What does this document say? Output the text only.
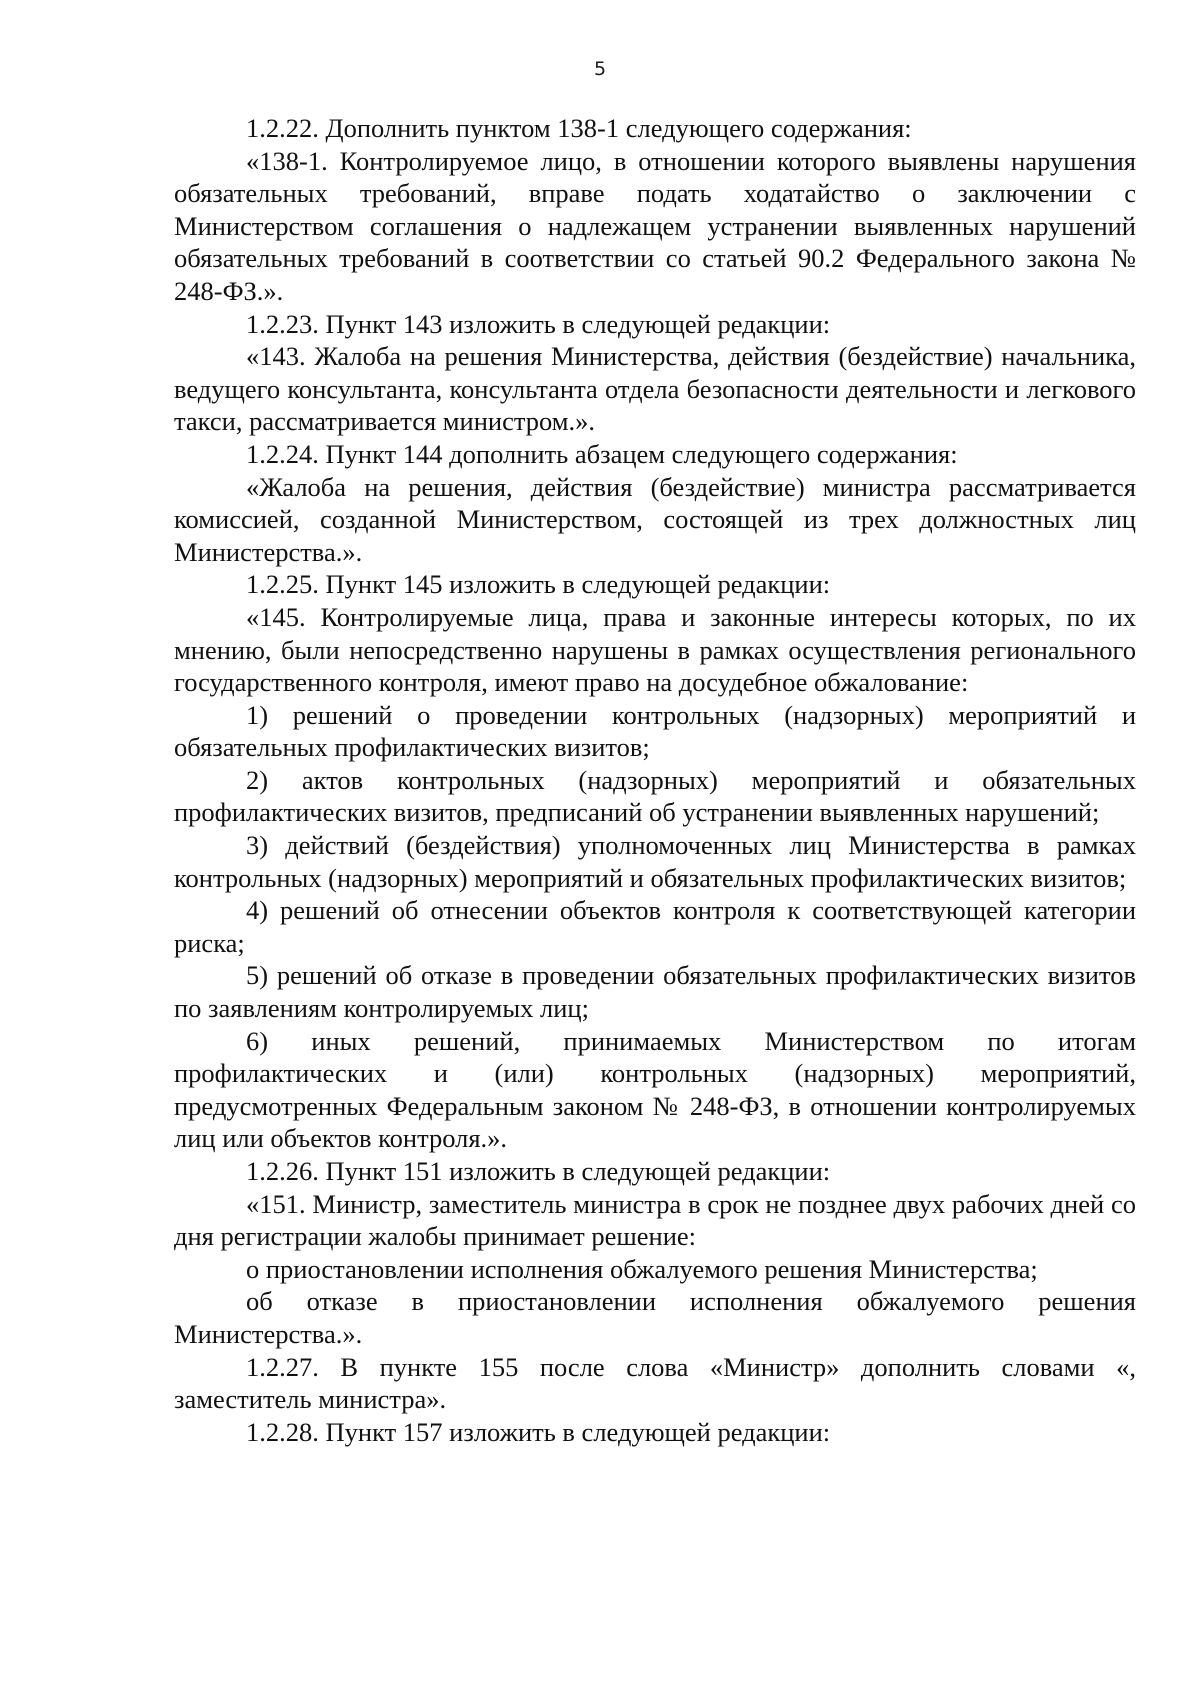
5

1.2.22. Дополнить пунктом 138-1 следующего содержания:

«138-1. Контролируемое лицо, в отношении которого выявлены нарушения обязательных требований, вправе подать ходатайство о заключении с Министерством соглашения о надлежащем устранении выявленных нарушений обязательных требований в соответствии со статьей 90.2 Федерального закона № 248-ФЗ.».

1.2.23. Пункт 143 изложить в следующей редакции:

«143. Жалоба на решения Министерства, действия (бездействие) начальника, ведущего консультанта, консультанта отдела безопасности деятельности и легкового такси, рассматривается министром.».

1.2.24. Пункт 144 дополнить абзацем следующего содержания:

«Жалоба на решения, действия (бездействие) министра рассматривается комиссией, созданной Министерством, состоящей из трех должностных лиц Министерства.».

1.2.25. Пункт 145 изложить в следующей редакции:

«145. Контролируемые лица, права и законные интересы которых, по их мнению, были непосредственно нарушены в рамках осуществления регионального государственного контроля, имеют право на досудебное обжалование:

1) решений о проведении контрольных (надзорных) мероприятий и обязательных профилактических визитов;

2) актов контрольных (надзорных) мероприятий и обязательных профилактических визитов, предписаний об устранении выявленных нарушений;

3) действий (бездействия) уполномоченных лиц Министерства в рамках контрольных (надзорных) мероприятий и обязательных профилактических визитов;

4) решений об отнесении объектов контроля к соответствующей категории риска;

5) решений об отказе в проведении обязательных профилактических визитов по заявлениям контролируемых лиц;

6) иных решений, принимаемых Министерством по итогам профилактических и (или) контрольных (надзорных) мероприятий, предусмотренных Федеральным законом № 248-ФЗ, в отношении контролируемых лиц или объектов контроля.».

1.2.26. Пункт 151 изложить в следующей редакции:

«151. Министр, заместитель министра в срок не позднее двух рабочих дней со дня регистрации жалобы принимает решение:

о приостановлении исполнения обжалуемого решения Министерства;

об отказе в приостановлении исполнения обжалуемого решения Министерства.».

1.2.27. В пункте 155 после слова «Министр» дополнить словами «, заместитель министра».

1.2.28. Пункт 157 изложить в следующей редакции:
